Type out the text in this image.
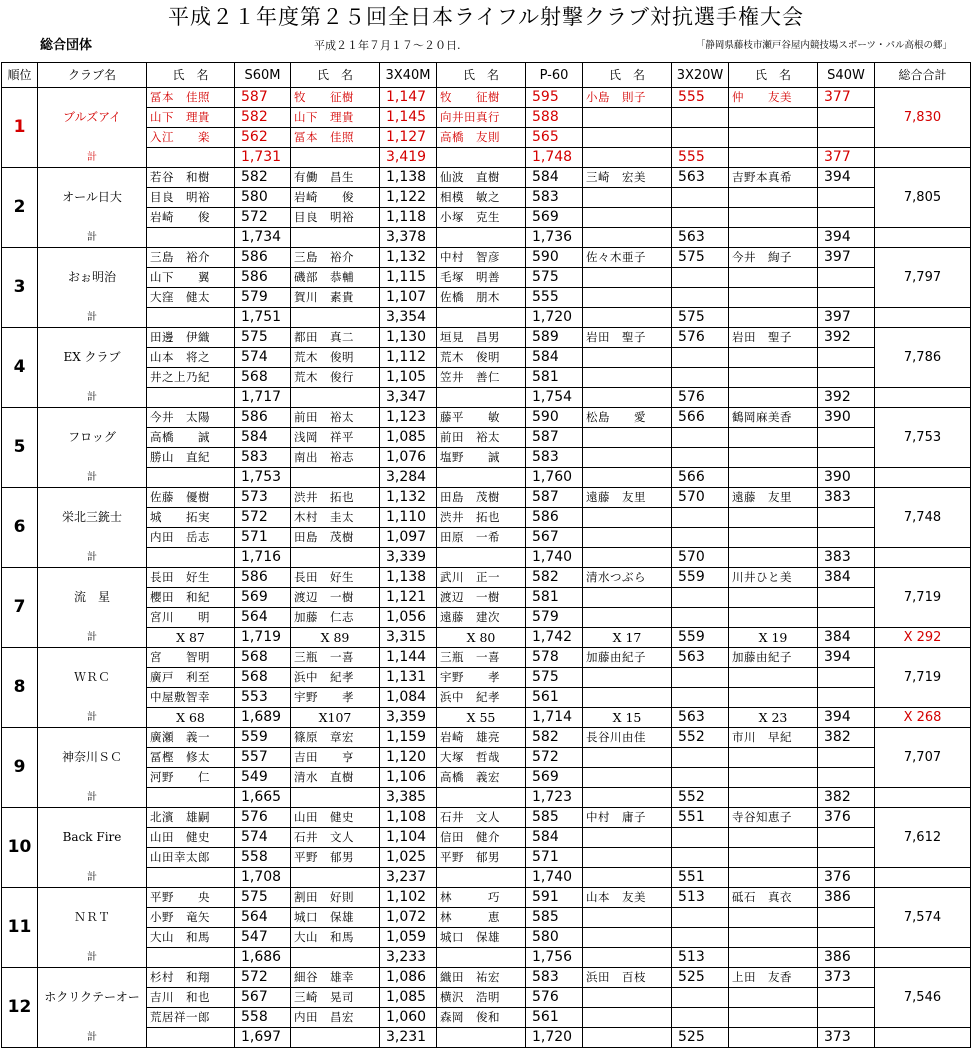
平成２１年度第２５回全日本ライフル射撃クラブ対抗選手権大会
総合団体	平成２１年７月１７～２０日.	「静岡県藤枝市瀬戸谷屋内競技場スポーツ・パル高根の郷」
順位	クラブ名	氏　名	S60M	氏　名	3X40M	氏　名	P-60	氏　名	3X20W	氏　名	S40W	総合合計
1	ブルズアイ	冨本　佳照	587	牧　　征樹	1,147	牧　　征樹	595	小島　則子	555	仲　　友美	377	7,830
		山下　理貴	582	山下　理貴	1,145	向井田真行	588					
		入江　　楽	562	冨本　佳照	1,127	高橋　友則	565					
	計		1,731		3,419		1,748		555		377	
2	オール日大	若谷　和樹	582	有働　昌生	1,138	仙波　直樹	584	三崎　宏美	563	吉野本真希	394	7,805
		目良　明裕	580	岩崎　　俊	1,122	相模　敏之	583					
		岩崎　　俊	572	目良　明裕	1,118	小塚　克生	569					
	計		1,734		3,378		1,736		563		394	
3	おぉ明治	三島　裕介	586	三島　裕介	1,132	中村　智彦	590	佐々木亜子	575	今井　絢子	397	7,797
		山下　　翼	586	磯部　恭輔	1,115	毛塚　明善	575					
		大窪　健太	579	賀川　素貴	1,107	佐橋　朋木	555					
	計		1,751		3,354		1,720		575		397	
4	EX クラブ	田邊　伊織	575	都田　真二	1,130	垣見　昌男	589	岩田　聖子	576	岩田　聖子	392	7,786
		山本　将之	574	荒木　俊明	1,112	荒木　俊明	584					
		井之上乃紀	568	荒木　俊行	1,105	笠井　善仁	581					
	計		1,717		3,347		1,754		576		392	
5	フロッグ	今井　太陽	586	前田　裕太	1,123	藤平　　敏	590	松島　　愛	566	鶴岡麻美香	390	7,753
		高橋　　誠	584	浅岡　祥平	1,085	前田　裕太	587					
		勝山　直紀	583	南出　裕志	1,076	塩野　　誠	583					
	計		1,753		3,284		1,760		566		390	
6	栄北三銃士	佐藤　優樹	573	渋井　拓也	1,132	田島　茂樹	587	遠藤　友里	570	遠藤　友里	383	7,748
		城　　拓実	572	木村　圭太	1,110	渋井　拓也	586					
		内田　岳志	571	田島　茂樹	1,097	田原　一希	567					
	計		1,716		3,339		1,740		570		383	
7	流　星	長田　好生	586	長田　好生	1,138	武川　正一	582	清水つぶら	559	川井ひと美	384	7,719
		櫻田　和紀	569	渡辺　一樹	1,121	渡辺　一樹	581					
		宮川　　明	564	加藤　仁志	1,056	遠藤　建次	579					
	計	X 87	1,719	X 89	3,315	X 80	1,742	X 17	559	X 19	384	X 292
8	ＷＲＣ	宮　　智明	568	三瓶　一喜	1,144	三瓶　一喜	578	加藤由紀子	563	加藤由紀子	394	7,719
		廣戸　利至	568	浜中　紀孝	1,131	宇野　　孝	575					
		中屋敷智幸	553	宇野　　孝	1,084	浜中　紀孝	561					
	計	X 68	1,689	X107	3,359	X 55	1,714	X 15	563	X 23	394	X 268
9	神奈川ＳＣ	廣瀬　義一	559	篠原　章宏	1,159	岩崎　雄亮	582	長谷川由佳	552	市川　早紀	382	7,707
		冨樫　修太	557	吉田　　亨	1,120	大塚　哲哉	572					
		河野　　仁	549	清水　直樹	1,106	高橋　義宏	569					
	計		1,665		3,385		1,723		552		382	
10	Back Fire	北濱　雄嗣	576	山田　健史	1,108	石井　文人	585	中村　庸子	551	寺谷知恵子	376	7,612
		山田　健史	574	石井　文人	1,104	信田　健介	584					
		山田幸太郎	558	平野　郁男	1,025	平野　郁男	571					
	計		1,708		3,237		1,740		551		376	
11	ＮＲＴ	平野　　央	575	割田　好則	1,102	林　　　巧	591	山本　友美	513	砥石　真衣	386	7,574
		小野　竜矢	564	城口　保雄	1,072	林　　　恵	585					
		大山　和馬	547	大山　和馬	1,059	城口　保雄	580					
	計		1,686		3,233		1,756		513		386	
12	ホクリクテーオー	杉村　和翔	572	細谷　雄幸	1,086	織田　祐宏	583	浜田　百枝	525	上田　友香	373	7,546
		吉川　和也	567	三崎　晃司	1,085	横沢　浩明	576					
		荒居祥一郎	558	内田　昌宏	1,060	森岡　俊和	561					
	計		1,697		3,231		1,720		525		373	
